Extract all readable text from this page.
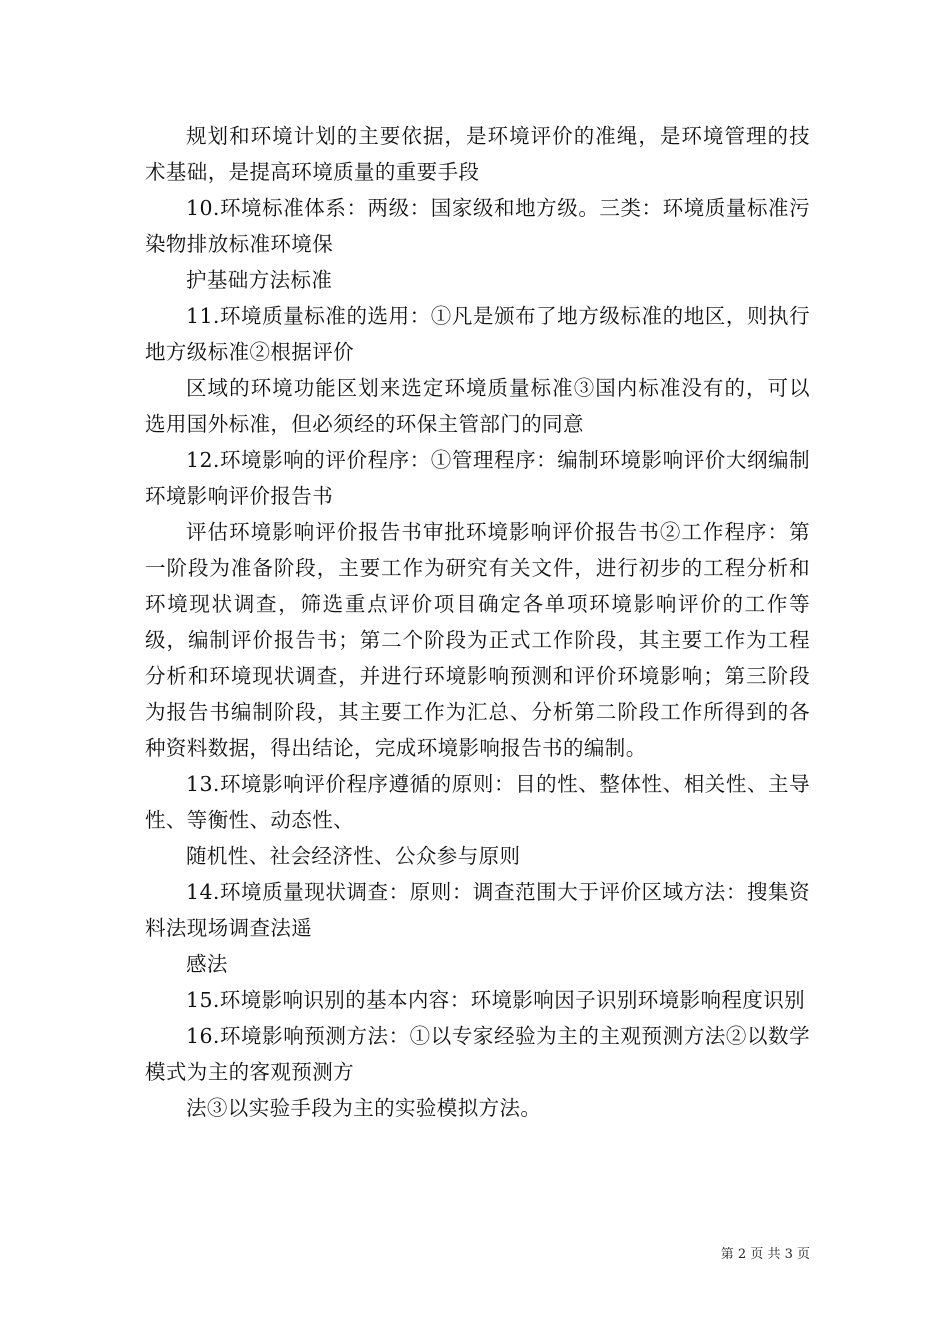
规划和环境计划的主要依据，是环境评价的准绳，是环境管理的技术基础，是提高环境质量的重要手段

10.环境标准体系：两级：国家级和地方级。三类：环境质量标准污染物排放标准环境保

护基础方法标准

11.环境质量标准的选用：①凡是颁布了地方级标准的地区，则执行地方级标准②根据评价

区域的环境功能区划来选定环境质量标准③国内标准没有的，可以选用国外标准，但必须经的环保主管部门的同意

12.环境影响的评价程序：①管理程序：编制环境影响评价大纲编制环境影响评价报告书

评估环境影响评价报告书审批环境影响评价报告书②工作程序：第一阶段为准备阶段，主要工作为研究有关文件，进行初步的工程分析和环境现状调查，筛选重点评价项目确定各单项环境影响评价的工作等级，编制评价报告书；第二个阶段为正式工作阶段，其主要工作为工程分析和环境现状调查，并进行环境影响预测和评价环境影响；第三阶段为报告书编制阶段，其主要工作为汇总、分析第二阶段工作所得到的各种资料数据，得出结论，完成环境影响报告书的编制。

13.环境影响评价程序遵循的原则：目的性、整体性、相关性、主导性、等衡性、动态性、

随机性、社会经济性、公众参与原则

14.环境质量现状调查：原则：调查范围大于评价区域方法：搜集资料法现场调查法遥

感法

15.环境影响识别的基本内容：环境影响因子识别环境影响程度识别

16.环境影响预测方法：①以专家经验为主的主观预测方法②以数学模式为主的客观预测方

法③以实验手段为主的实验模拟方法。

第 2 页 共 3 页
